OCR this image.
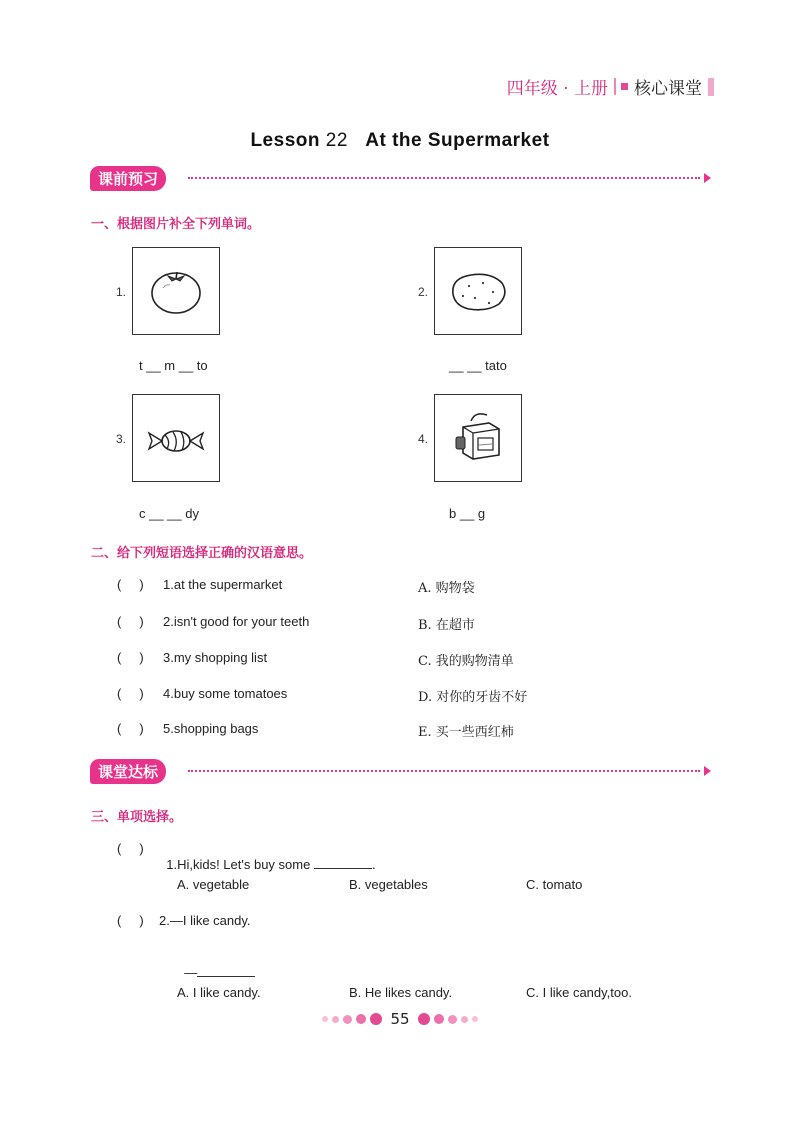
四年级 · 上册 核心课堂
Lesson 22 At the Supermarket
课前预习
一、根据图片补全下列单词。
1.
t __ m __ to
2.
__ __ tato
3.
c __ __ dy
4.
b __ g
二、给下列短语选择正确的汉语意思。
(     ) 1.at the supermarket	A. 购物袋
(     ) 2.isn't good for your teeth	B. 在超市
(     ) 3.my shopping list	C. 我的购物清单
(     ) 4.buy some tomatoes	D. 对你的牙齿不好
(     ) 5.shopping bags	E. 买一些西红柿
课堂达标
三、单项选择。
(     )

1.Hi,kids! Let's buy some	.

A. vegetable	B. vegetables	C. tomato
(     ) 2.—I like candy.

—

A. I like candy.	B. He likes candy.	C. I like candy,too.
55
